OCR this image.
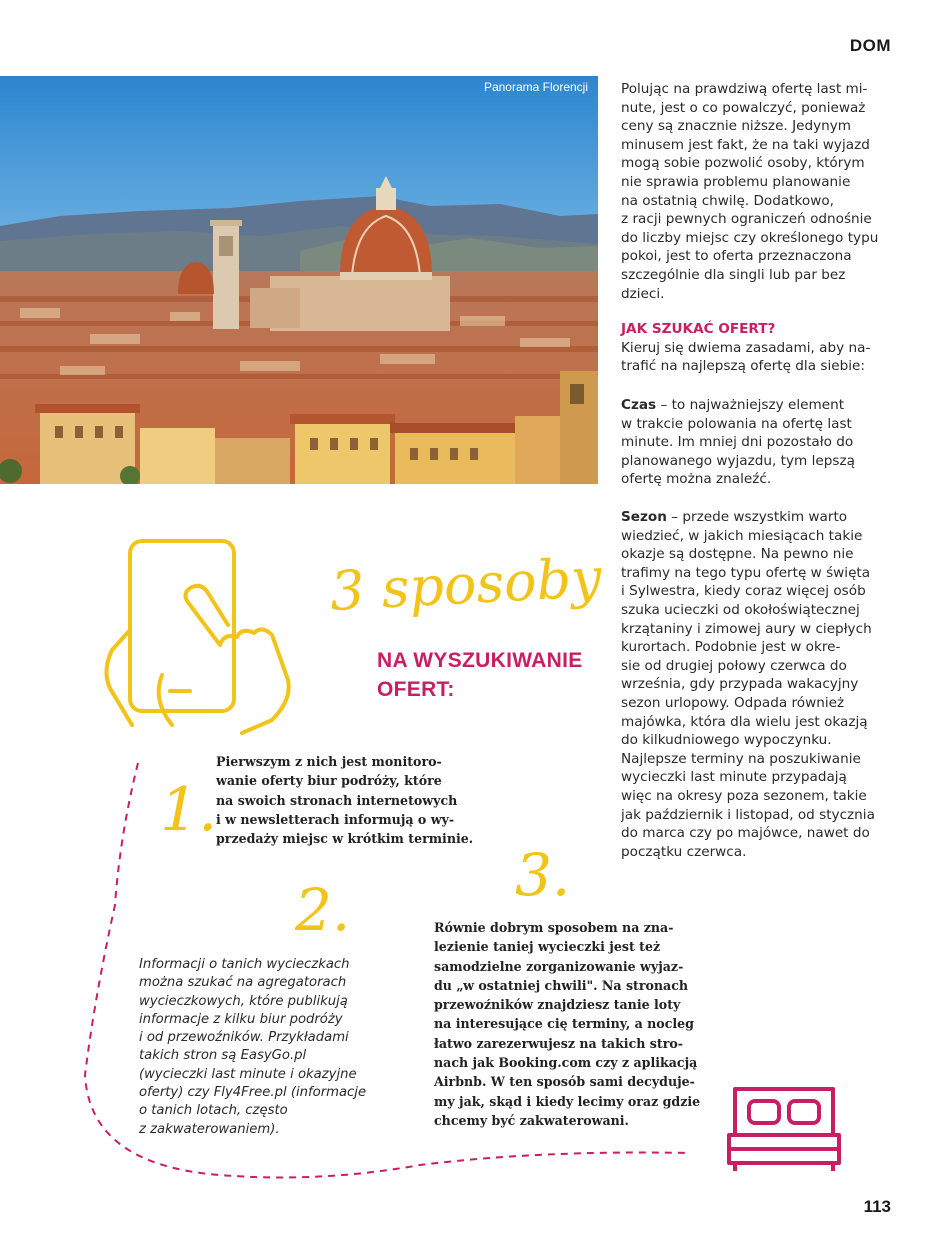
DOM
Panorama Florencji Polując na prawdziwą ofertę last mi-
nute, jest o co powalczyć, ponieważ
ceny są znacznie niższe. Jedynym
minusem jest fakt, że na taki wyjazd
mogą sobie pozwolić osoby, którym
nie sprawia problemu planowanie
na ostatnią chwilę. Dodatkowo,
z racji pewnych ograniczeń odnośnie
do liczby miejsc czy określonego typu
pokoi, jest to oferta przeznaczona
szczególnie dla singli lub par bez
dzieci.
JAK SZUKAĆ OFERT?
Kieruj się dwiema zasadami, aby na-
trafić na najlepszą ofertę dla siebie:
Czas – to najważniejszy element
w trakcie polowania na ofertę last
minute. Im mniej dni pozostało do
planowanego wyjazdu, tym lepszą
ofertę można znaleźć.
Sezon – przede wszystkim warto
wiedzieć, w jakich miesiącach takie
okazje są dostępne. Na pewno nie
trafimy na tego typu ofertę w święta
i Sylwestra, kiedy coraz więcej osób
szuka ucieczki od okołoświątecznej
krzątaniny i zimowej aury w ciepłych
kurortach. Podobnie jest w okre-
sie od drugiej połowy czerwca do
września, gdy przypada wakacyjny
sezon urlopowy. Odpada również
majówka, która dla wielu jest okazją
do kilkudniowego wypoczynku.
Najlepsze terminy na poszukiwanie
wycieczki last minute przypadają
więc na okresy poza sezonem, takie
jak październik i listopad, od stycznia
do marca czy po majówce, nawet do
początku czerwca.
3 sposoby
NA WYSZUKIWANIE
OFERT:
1.
2.
3.
Pierwszym z nich jest monitoro-
wanie oferty biur podróży, które
na swoich stronach internetowych
i w newsletterach informują o wy-
przedaży miejsc w krótkim terminie.
Informacji o tanich wycieczkach
można szukać na agregatorach
wycieczkowych, które publikują
informacje z kilku biur podróży
i od przewoźników. Przykładami
takich stron są EasyGo.pl
(wycieczki last minute i okazyjne
oferty) czy Fly4Free.pl (informacje
o tanich lotach, często
z zakwaterowaniem).
Równie dobrym sposobem na zna-
lezienie taniej wycieczki jest też
samodzielne zorganizowanie wyjaz-
du „w ostatniej chwili". Na stronach
przewoźników znajdziesz tanie loty
na interesujące cię terminy, a nocleg
łatwo zarezerwujesz na takich stro-
nach jak Booking.com czy z aplikacją
Airbnb. W ten sposób sami decyduje-
my jak, skąd i kiedy lecimy oraz gdzie
chcemy być zakwaterowani.
113
